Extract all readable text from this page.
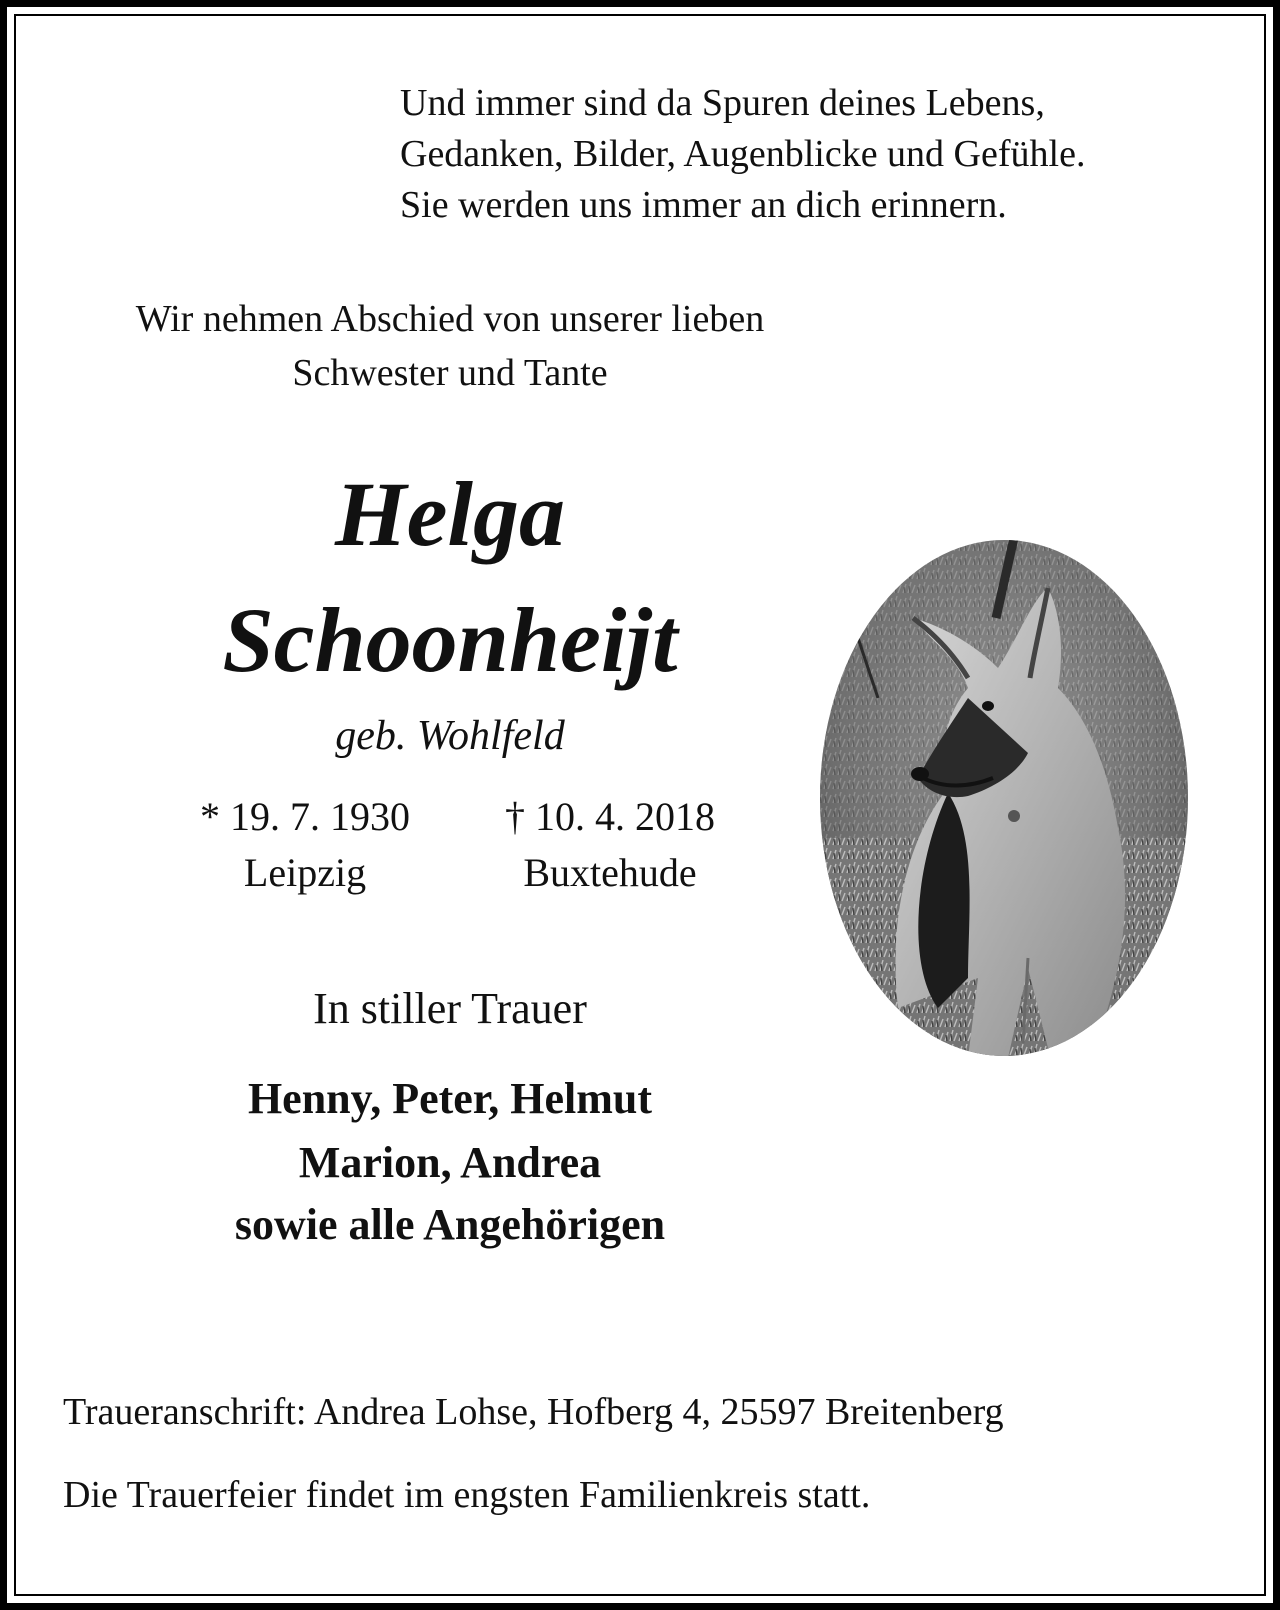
Und immer sind da Spuren deines Lebens,
Gedanken, Bilder, Augenblicke und Gefühle.
Sie werden uns immer an dich erinnern.

Wir nehmen Abschied von unserer lieben

Schwester und Tante

Helga

Schoonheijt

geb. Wohlfeld

* 19. 7. 1930	† 10. 4. 2018

Leipzig	Buxtehude

In stiller Trauer

Henny, Peter, Helmut

Marion, Andrea

sowie alle Angehörigen

Traueranschrift: Andrea Lohse, Hofberg 4, 25597 Breitenberg

Die Trauerfeier findet im engsten Familienkreis statt.
